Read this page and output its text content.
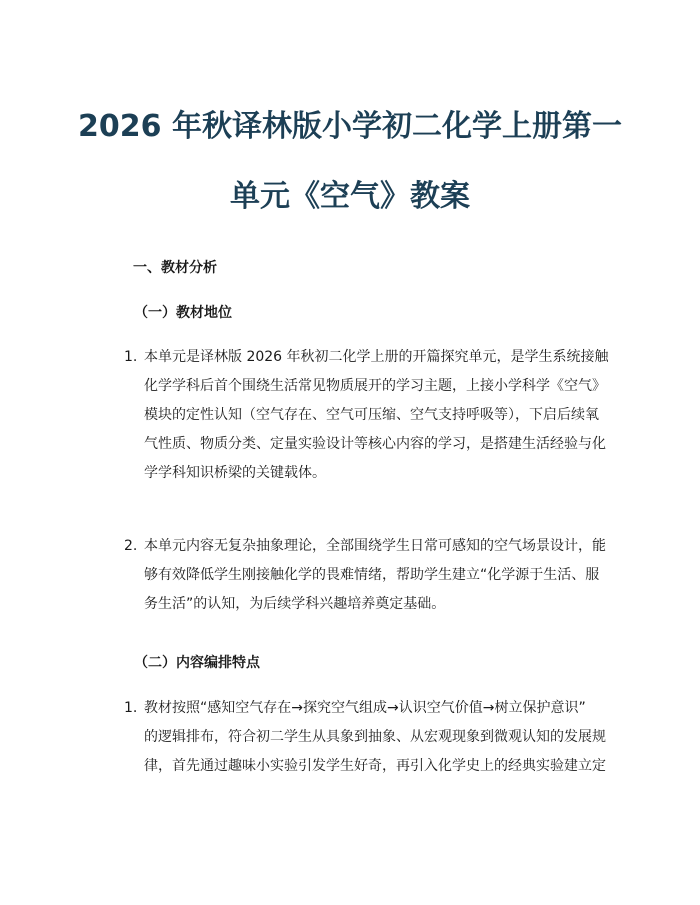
2026 年秋译林版小学初二化学上册第一
单元《空气》教案
一、教材分析
（一）教材地位
1. 本单元是译林版 2026 年秋初二化学上册的开篇探究单元，是学生系统接触
化学学科后首个围绕生活常见物质展开的学习主题，上接小学科学《空气》
模块的定性认知（空气存在、空气可压缩、空气支持呼吸等），下启后续氧
气性质、物质分类、定量实验设计等核心内容的学习，是搭建生活经验与化
学学科知识桥梁的关键载体。
2. 本单元内容无复杂抽象理论，全部围绕学生日常可感知的空气场景设计，能
够有效降低学生刚接触化学的畏难情绪，帮助学生建立“化学源于生活、服
务生活”的认知，为后续学科兴趣培养奠定基础。
（二）内容编排特点
1. 教材按照“感知空气存在→探究空气组成→认识空气价值→树立保护意识”
的逻辑排布，符合初二学生从具象到抽象、从宏观现象到微观认知的发展规
律，首先通过趣味小实验引发学生好奇，再引入化学史上的经典实验建立定
